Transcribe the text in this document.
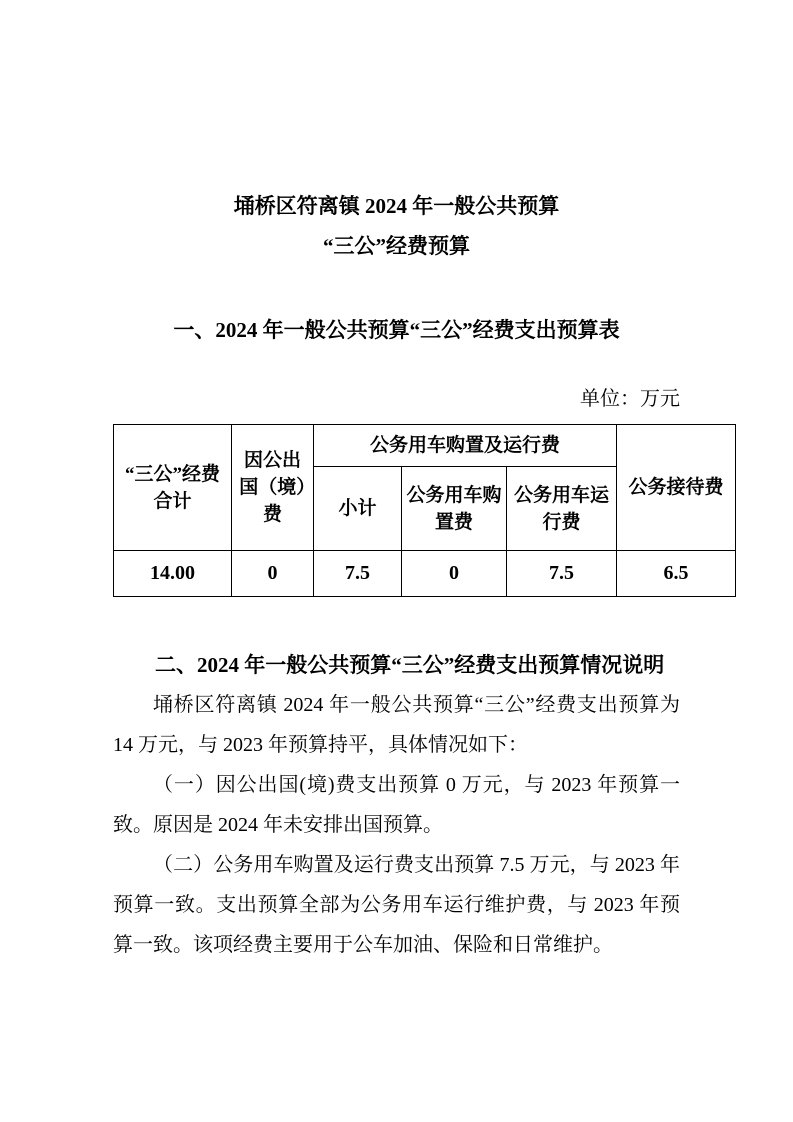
埇桥区符离镇 2024 年一般公共预算
“三公”经费预算
一、2024 年一般公共预算“三公”经费支出预算表
单位：万元
“三公”经费合计	因公出国（境）费	公务用车购置及运行费			公务接待费
		小计	公务用车购置费	公务用车运行费	
14.00	0	7.5	0	7.5	6.5
二、2024 年一般公共预算“三公”经费支出预算情况说明

埇桥区符离镇 2024 年一般公共预算“三公”经费支出预算为 14 万元，与 2023 年预算持平，具体情况如下：

（一）因公出国(境)费支出预算 0 万元，与 2023 年预算一致。原因是 2024 年未安排出国预算。

（二）公务用车购置及运行费支出预算 7.5 万元，与 2023 年预算一致。支出预算全部为公务用车运行维护费，与 2023 年预算一致。该项经费主要用于公车加油、保险和日常维护。
